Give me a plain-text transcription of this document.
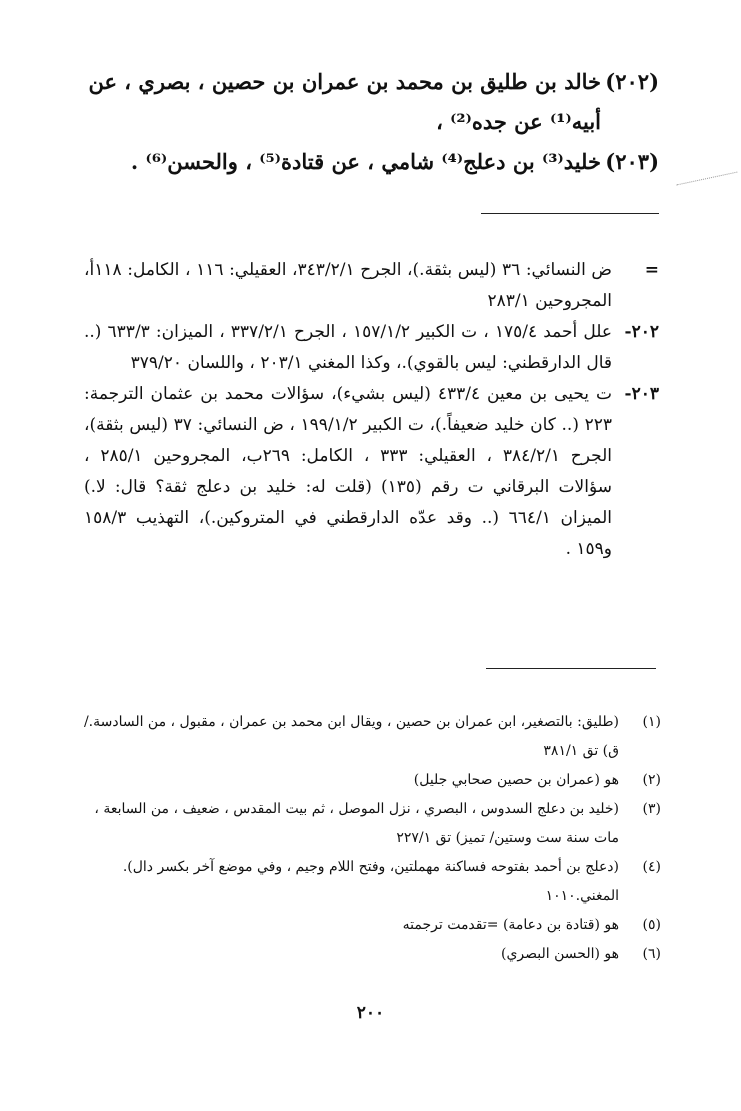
(٢٠٢)
خالد بن طليق بن محمد بن عمران بن حصين ، بصري ، عن أبيه⁽¹⁾ عن جده⁽²⁾ ،
(٢٠٣)
خليد⁽³⁾ بن دعلج⁽⁴⁾ شامي ، عن قتادة⁽⁵⁾ ، والحسن⁽⁶⁾ .
=
ض النسائي: ٣٦ (ليس بثقة.)، الجرح ٣٤٣/٢/١، العقيلي: ١١٦ ، الكامل: ١١٨أ، المجروحين ٢٨٣/١
٢٠٢-
علل أحمد ١٧٥/٤ ، ت الكبير ١٥٧/١/٢ ، الجرح ٣٣٧/٢/١ ، الميزان: ٦٣٣/٣ (.. قال الدارقطني: ليس بالقوي).، وكذا المغني ٢٠٣/١ ، واللسان ٣٧٩/٢٠
٢٠٣-
ت يحيى بن معين ٤٣٣/٤ (ليس بشيء)، سؤالات محمد بن عثمان الترجمة: ٢٢٣ (.. كان خليد ضعيفاً.)، ت الكبير ١٩٩/١/٢ ، ض النسائي: ٣٧ (ليس بثقة)، الجرح ٣٨٤/٢/١ ، العقيلي: ٣٣٣ ، الكامل: ٢٦٩ب، المجروحين ٢٨٥/١ ، سؤالات البرقاني ت رقم (١٣٥) (قلت له: خليد بن دعلج ثقة؟ قال: لا.) الميزان ٦٦٤/١ (.. وقد عدّه الدارقطني في المتروكين.)، التهذيب ١٥٨/٣ و١٥٩ .
(١)
(طليق: بالتصغير، ابن عمران بن حصين ، ويقال ابن محمد بن عمران ، مقبول ، من السادسة./ق) تق ٣٨١/١
(٢)
هو (عمران بن حصين صحابي جليل)
(٣)
(خليد بن دعلج السدوس ، البصري ، نزل الموصل ، ثم بيت المقدس ، ضعيف ، من السابعة ، مات سنة ست وستين/ تميز) تق ٢٢٧/١
(٤)
(دعلج بن أحمد بفتوحه فساكنة مهملتين، وفتح اللام وجيم ، وفي موضع آخر بكسر دال). المغني.١٠١٠
(٥)
هو (قتادة بن دعامة) =تقدمت ترجمته
(٦)
هو (الحسن البصري)
٢٠٠
